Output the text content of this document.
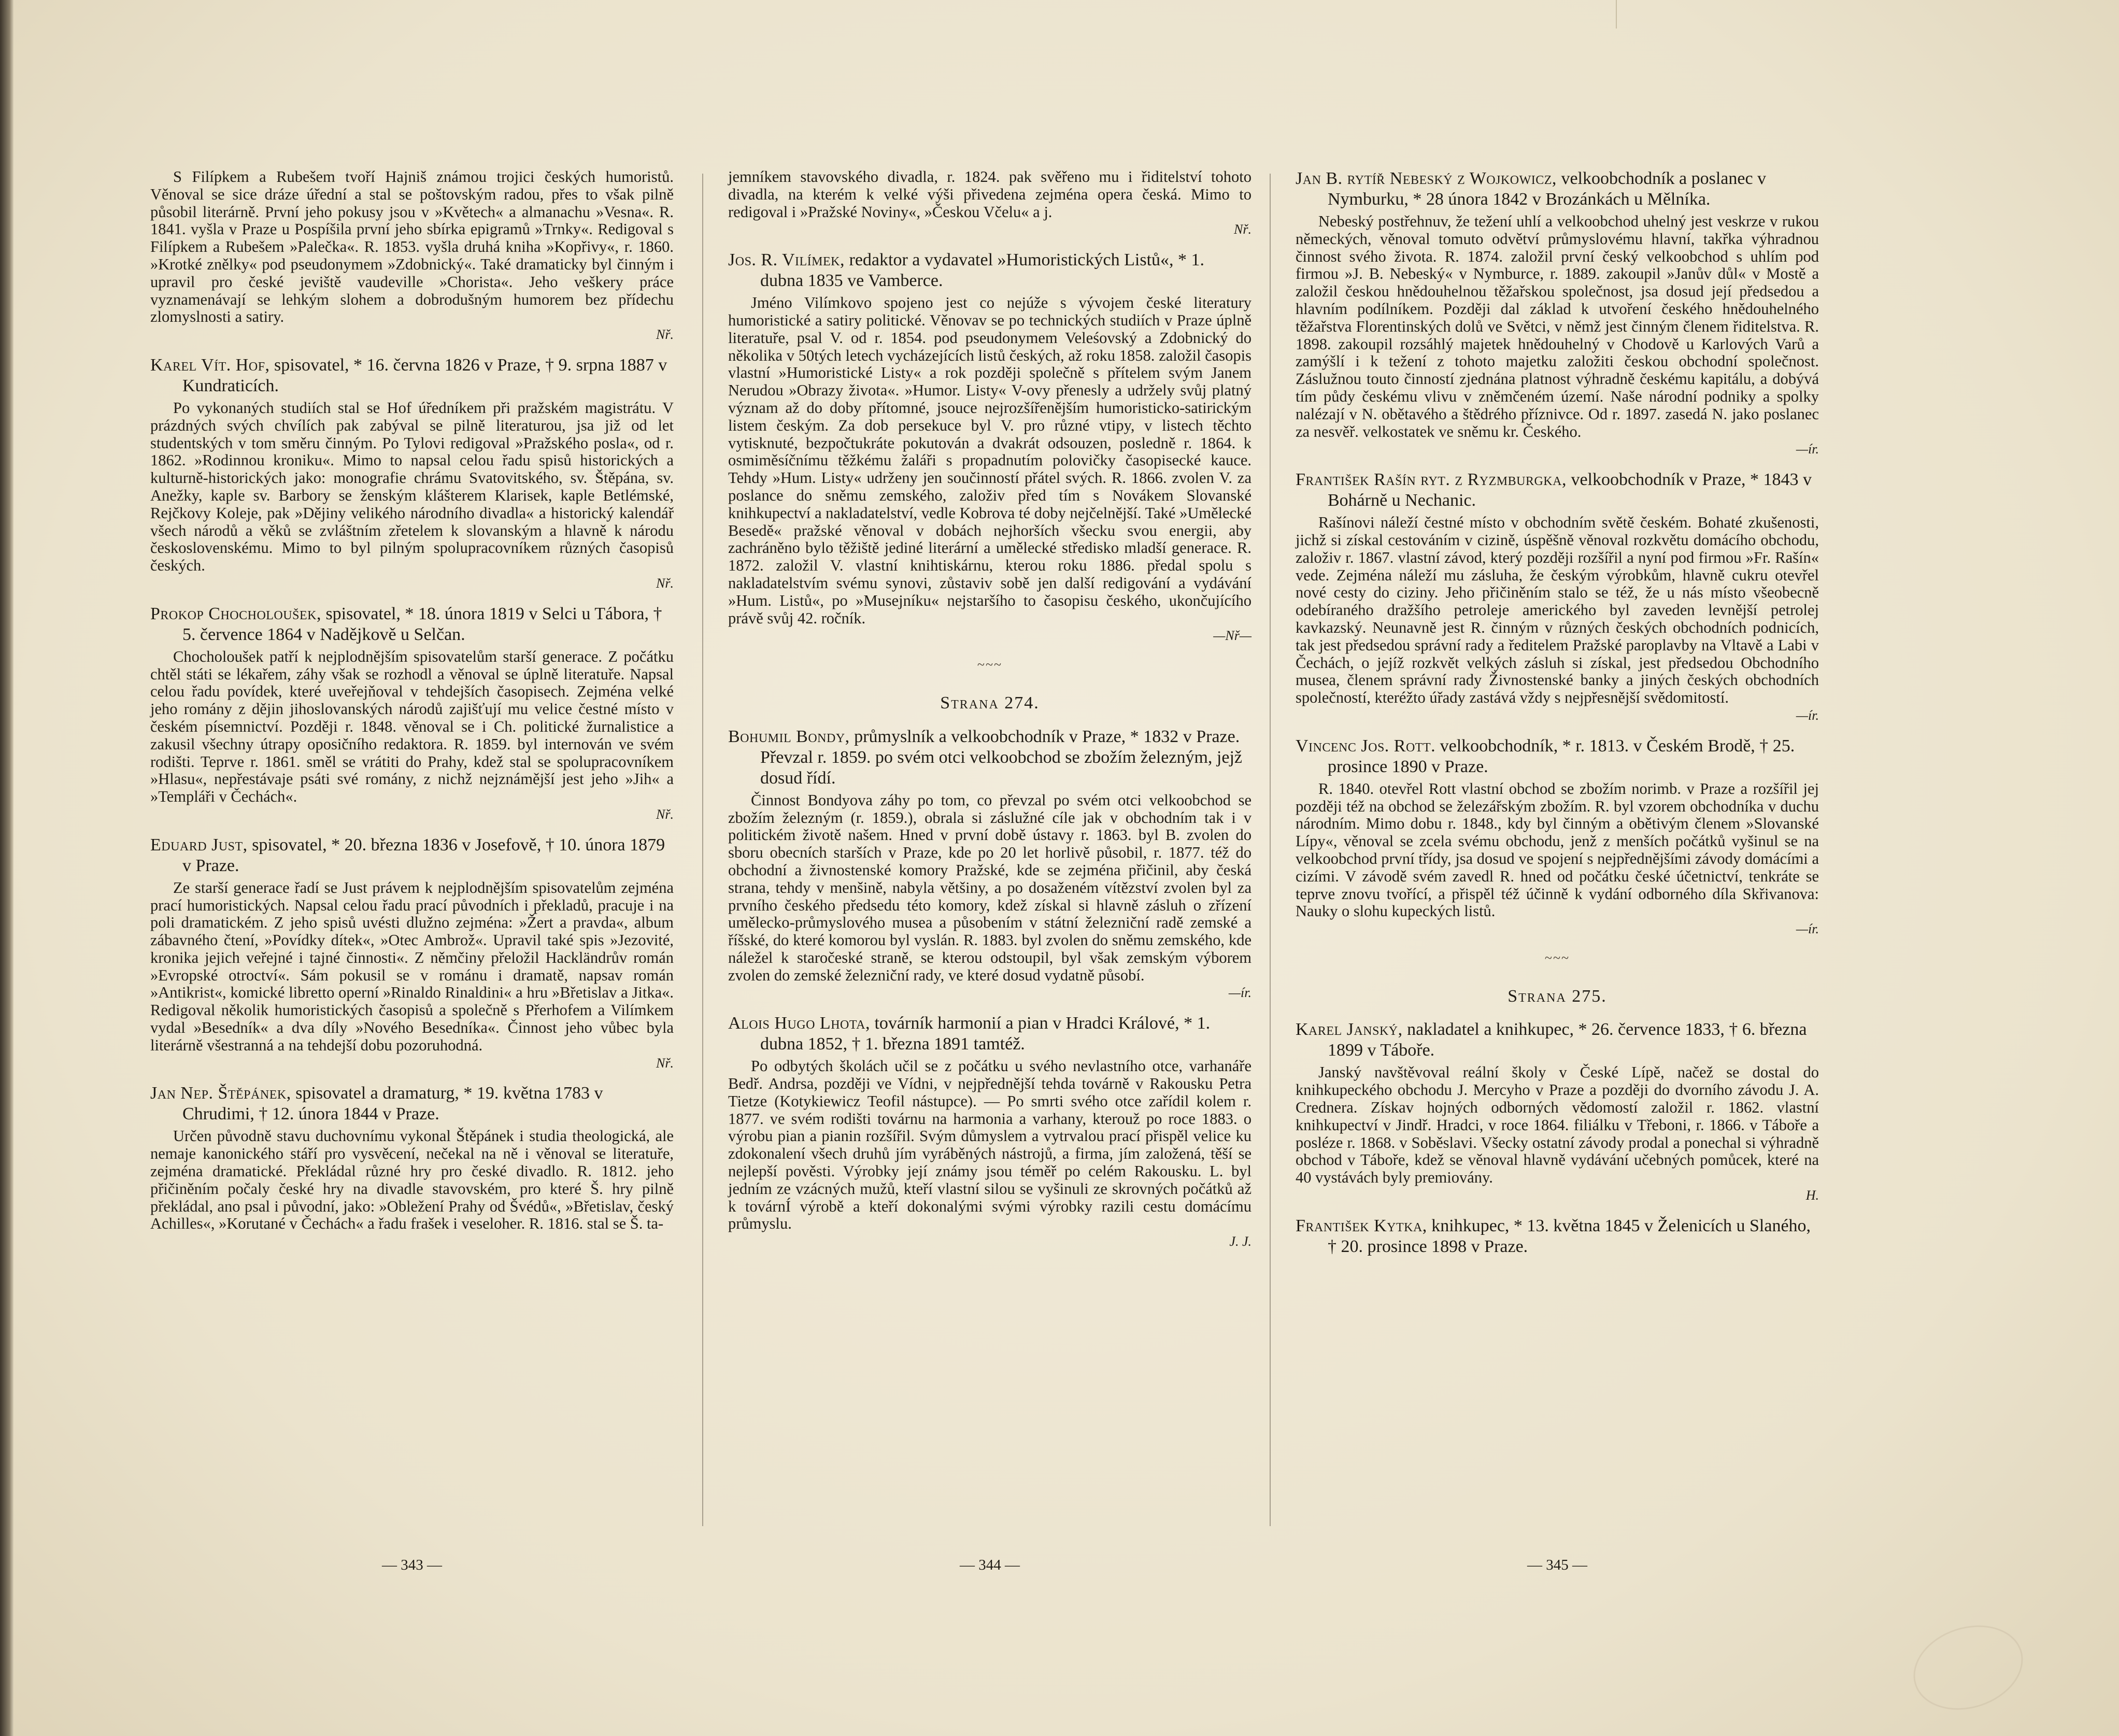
S Filípkem a Rubešem tvoří Hajniš známou trojici českých humoristů. Věnoval se sice dráze úřední a stal se poštovským radou, přes to však pilně působil literárně. První jeho pokusy jsou v »Květech« a almanachu »Vesna«. R. 1841. vyšla v Praze u Pospíšila první jeho sbírka epigramů »Trnky«. Redigoval s Filípkem a Rubešem »Palečka«. R. 1853. vyšla druhá kniha »Kopřivy«, r. 1860. »Krotké znělky« pod pseudonymem »Zdobnický«. Také dramaticky byl činným i upravil pro české jeviště vaudeville »Chorista«. Jeho veškery práce vyznamenávají se lehkým slohem a dobrodušným humorem bez přídechu zlomyslnosti a satiry.

Nř.
Karel Vít. Hof, spisovatel, * 16. června 1826 v Praze, † 9. srpna 1887 v Kundraticích.

Po vykonaných studiích stal se Hof úředníkem při pražském magistrátu. V prázdných svých chvílích pak zabýval se pilně literaturou, jsa již od let studentských v tom směru činným. Po Tylovi redigoval »Pražského posla«, od r. 1862. »Rodinnou kroniku«. Mimo to napsal celou řadu spisů historických a kulturně-historických jako: monografie chrámu Svatovitského, sv. Štěpána, sv. Anežky, kaple sv. Barbory se ženským klášterem Klarisek, kaple Betlémské, Rejčkovy Koleje, pak »Dějiny velikého národního divadla« a historický kalendář všech národů a věků se zvláštním zřetelem k slovanským a hlavně k národu československému. Mimo to byl pilným spolupracovníkem různých časopisů českých.

Nř.
Prokop Chocholoušek, spisovatel, * 18. února 1819 v Selci u Tábora, † 5. července 1864 v Nadějkově u Selčan.

Chocholoušek patří k nejplodnějším spisovatelům starší generace. Z počátku chtěl státi se lékařem, záhy však se rozhodl a věnoval se úplně literatuře. Napsal celou řadu povídek, které uveřejňoval v tehdejších časopisech. Zejména velké jeho romány z dějin jihoslovanských národů zajišťují mu velice čestné místo v českém písemnictví. Později r. 1848. věnoval se i Ch. politické žurnalistice a zakusil všechny útrapy oposičního redaktora. R. 1859. byl internován ve svém rodišti. Teprve r. 1861. směl se vrátiti do Prahy, kdež stal se spolupracovníkem »Hlasu«, nepřestávaje psáti své romány, z nichž nejznámější jest jeho »Jih« a »Templáři v Čechách«.

Nř.
Eduard Just, spisovatel, * 20. března 1836 v Josefově, † 10. února 1879 v Praze.

Ze starší generace řadí se Just právem k nejplodnějším spisovatelům zejména prací humoristických. Napsal celou řadu prací původních i překladů, pracuje i na poli dramatickém. Z jeho spisů uvésti dlužno zejména: »Žert a pravda«, album zábavného čtení, »Povídky dítek«, »Otec Ambrož«. Upravil také spis »Jezovité, kronika jejich veřejné i tajné činnosti«. Z němčiny přeložil Hackländrův román »Evropské otroctví«. Sám pokusil se v románu i dramatě, napsav román »Antikrist«, komické libretto operní »Rinaldo Rinaldini« a hru »Břetislav a Jitka«. Redigoval několik humoristických časopisů a společně s Přerhofem a Vilímkem vydal »Besedník« a dva díly »Nového Besedníka«. Činnost jeho vůbec byla literárně všestranná a na tehdejší dobu pozoruhodná.

Nř.
Jan Nep. Štěpánek, spisovatel a dramaturg, * 19. května 1783 v Chrudimi, † 12. února 1844 v Praze.

Určen původně stavu duchovnímu vykonal Štěpánek i studia theologická, ale nemaje kanonického stáří pro vysvěcení, nečekal na ně i věnoval se literatuře, zejména dramatické. Překládal různé hry pro české divadlo. R. 1812. jeho přičiněním počaly české hry na divadle stavovském, pro které Š. hry pilně překládal, ano psal i původní, jako: »Obležení Prahy od Švédů«, »Břetislav, český Achilles«, »Korutané v Čechách« a řadu frašek i veseloher. R. 1816. stal se Š. ta-

jemníkem stavovského divadla, r. 1824. pak svěřeno mu i řiditelství tohoto divadla, na kterém k velké výši přivedena zejména opera česká. Mimo to redigoval i »Pražské Noviny«, »Českou Včelu« a j.

Nř.
Jos. R. Vilímek, redaktor a vydavatel »Humoristických Listů«, * 1. dubna 1835 ve Vamberce.

Jméno Vilímkovo spojeno jest co nejúže s vývojem české literatury humoristické a satiry politické. Věnovav se po technických studiích v Praze úplně literatuře, psal V. od r. 1854. pod pseudonymem Veleśovský a Zdobnický do několika v 50tých letech vycházejících listů českých, až roku 1858. založil časopis vlastní »Humoristické Listy« a rok později společně s přítelem svým Janem Nerudou »Obrazy života«. »Humor. Listy« V-ovy přenesly a udržely svůj platný význam až do doby přítomné, jsouce nejrozšířenějším humoristicko-satirickým listem českým. Za dob persekuce byl V. pro různé vtipy, v listech těchto vytisknuté, bezpočtukráte pokutován a dvakrát odsouzen, posledně r. 1864. k osmiměsíčnímu těžkému žaláři s propadnutím polovičky časopisecké kauce. Tehdy »Hum. Listy« udrženy jen součinností přátel svých. R. 1866. zvolen V. za poslance do sněmu zemského, založiv před tím s Novákem Slovanské knihkupectví a nakladatelství, vedle Kobrova té doby nejčelnější. Také »Umělecké Besedě« pražské věnoval v dobách nejhorších všecku svou energii, aby zachráněno bylo těžiště jediné literární a umělecké středisko mladší generace. R. 1872. založil V. vlastní knihtiskárnu, kterou roku 1886. předal spolu s nakladatelstvím svému synovi, zůstaviv sobě jen další redigování a vydávání »Hum. Listů«, po »Musejníku« nejstaršího to časopisu českého, ukončujícího právě svůj 42. ročník.

—Nř—
~~~
Strana 274.
Bohumil Bondy, průmyslník a velkoobchodník v Praze, * 1832 v Praze. Převzal r. 1859. po svém otci velkoobchod se zbožím železným, jejž dosud řídí.

Činnost Bondyova záhy po tom, co převzal po svém otci velkoobchod se zbožím železným (r. 1859.), obrala si záslužné cíle jak v obchodním tak i v politickém životě našem. Hned v první době ústavy r. 1863. byl B. zvolen do sboru obecních starších v Praze, kde po 20 let horlivě působil, r. 1877. též do obchodní a živnostenské komory Pražské, kde se zejména přičinil, aby česká strana, tehdy v menšině, nabyla většiny, a po dosaženém vítězství zvolen byl za prvního českého předsedu této komory, kdež získal si hlavně zásluh o zřízení umělecko-průmyslového musea a působením v státní železniční radě zemské a říšské, do které komorou byl vyslán. R. 1883. byl zvolen do sněmu zemského, kde náležel k staročeské straně, se kterou odstoupil, byl však zemským výborem zvolen do zemské železniční rady, ve které dosud vydatně působí.

—ír.
Alois Hugo Lhota, továrník harmonií a pian v Hradci Králové, * 1. dubna 1852, † 1. března 1891 tamtéž.

Po odbytých školách učil se z počátku u svého nevlastního otce, varhanáře Bedř. Andrsa, později ve Vídni, v nejpřednější tehda továrně v Rakousku Petra Tietze (Kotykiewicz Teofil nástupce). — Po smrti svého otce zařídil kolem r. 1877. ve svém rodišti továrnu na harmonia a varhany, kterouž po roce 1883. o výrobu pian a pianin rozšířil. Svým důmyslem a vytrvalou prací přispěl velice ku zdokonalení všech druhů jím vyráběných nástrojů, a firma, jím založená, těší se nejlepší pověsti. Výrobky její známy jsou téměř po celém Rakousku. L. byl jedním ze vzácných mužů, kteří vlastní silou se vyšinuli ze skrovných počátků až k továrnÍ výrobě a kteří dokonalými svými výrobky razili cestu domácímu průmyslu.

J. J.
Jan B. rytíř Nebeský z Wojkowicz, velkoobchodník a poslanec v Nymburku, * 28 února 1842 v Brozánkách u Mělníka.

Nebeský postřehnuv, že težení uhlí a velkoobchod uhelný jest veskrze v rukou německých, věnoval tomuto odvětví průmyslovému hlavní, takřka výhradnou činnost svého života. R. 1874. založil první český velkoobchod s uhlím pod firmou »J. B. Nebeský« v Nymburce, r. 1889. zakoupil »Janův důl« v Mostě a založil českou hnědouhelnou těžařskou společnost, jsa dosud její předsedou a hlavním podílníkem. Později dal základ k utvoření českého hnědouhelného těžařstva Florentinských dolů ve Světci, v němž jest činným členem řiditelstva. R. 1898. zakoupil rozsáhlý majetek hnědouhelný v Chodově u Karlových Varů a zamýšlí i k težení z tohoto majetku založiti českou obchodní společnost. Záslužnou touto činností zjednána platnost výhradně českému kapitálu, a dobývá tím půdy českému vlivu v zněmčeném území. Naše národní podniky a spolky nalézají v N. obětavého a štědrého příznivce. Od r. 1897. zasedá N. jako poslanec za nesvěř. velkostatek ve sněmu kr. Českého.

—ír.
František Rašín ryt. z Ryzmburgka, velkoobchodník v Praze, * 1843 v Bohárně u Nechanic.

Rašínovi náleží čestné místo v obchodním světě českém. Bohaté zkušenosti, jichž si získal cestováním v cizině, úspěšně věnoval rozkvětu domácího obchodu, založiv r. 1867. vlastní závod, který později rozšířil a nyní pod firmou »Fr. Rašín« vede. Zejména náleží mu zásluha, že českým výrobkům, hlavně cukru otevřel nové cesty do ciziny. Jeho přičiněním stalo se též, že u nás místo všeobecně odebíraného dražšího petroleje amerického byl zaveden levnější petrolej kavkazský. Neunavně jest R. činným v různých českých obchodních podnicích, tak jest předsedou správní rady a ředitelem Pražské paroplavby na Vltavě a Labi v Čechách, o jejíž rozkvět velkých zásluh si získal, jest předsedou Obchodního musea, členem správní rady Živnostenské banky a jiných českých obchodních společností, kteréžto úřady zastává vždy s nejpřesnější svědomitostí.

—ír.
Vincenc Jos. Rott. velkoobchodník, * r. 1813. v Českém Brodě, † 25. prosince 1890 v Praze.

R. 1840. otevřel Rott vlastní obchod se zbožím norimb. v Praze a rozšířil jej později též na obchod se železářským zbožím. R. byl vzorem obchodníka v duchu národním. Mimo dobu r. 1848., kdy byl činným a obětivým členem »Slovanské Lípy«, věnoval se zcela svému obchodu, jenž z menších počátků vyšinul se na velkoobchod první třídy, jsa dosud ve spojení s nejpřednějšími závody domácími a cizími. V závodě svém zavedl R. hned od počátku české účetnictví, tenkráte se teprve znovu tvořící, a přispěl též účinně k vydání odborného díla Skřivanova: Nauky o slohu kupeckých listů.

—ír.
~~~
Strana 275.
Karel Janský, nakladatel a knihkupec, * 26. července 1833, † 6. března 1899 v Táboře.

Janský navštěvoval reální školy v České Lípě, načež se dostal do knihkupeckého obchodu J. Mercyho v Praze a později do dvorního závodu J. A. Crednera. Získav hojných odborných vědomostí založil r. 1862. vlastní knihkupectví v Jindř. Hradci, v roce 1864. filiálku v Třeboni, r. 1866. v Táboře a posléze r. 1868. v Soběslavi. Všecky ostatní závody prodal a ponechal si výhradně obchod v Táboře, kdež se věnoval hlavně vydávání učebných pomůcek, které na 40 vystávách byly premiovány.

H.
František Kytka, knihkupec, * 13. května 1845 v Želenicích u Slaného, † 20. prosince 1898 v Praze.
— 343 —	— 344 —	— 345 —
